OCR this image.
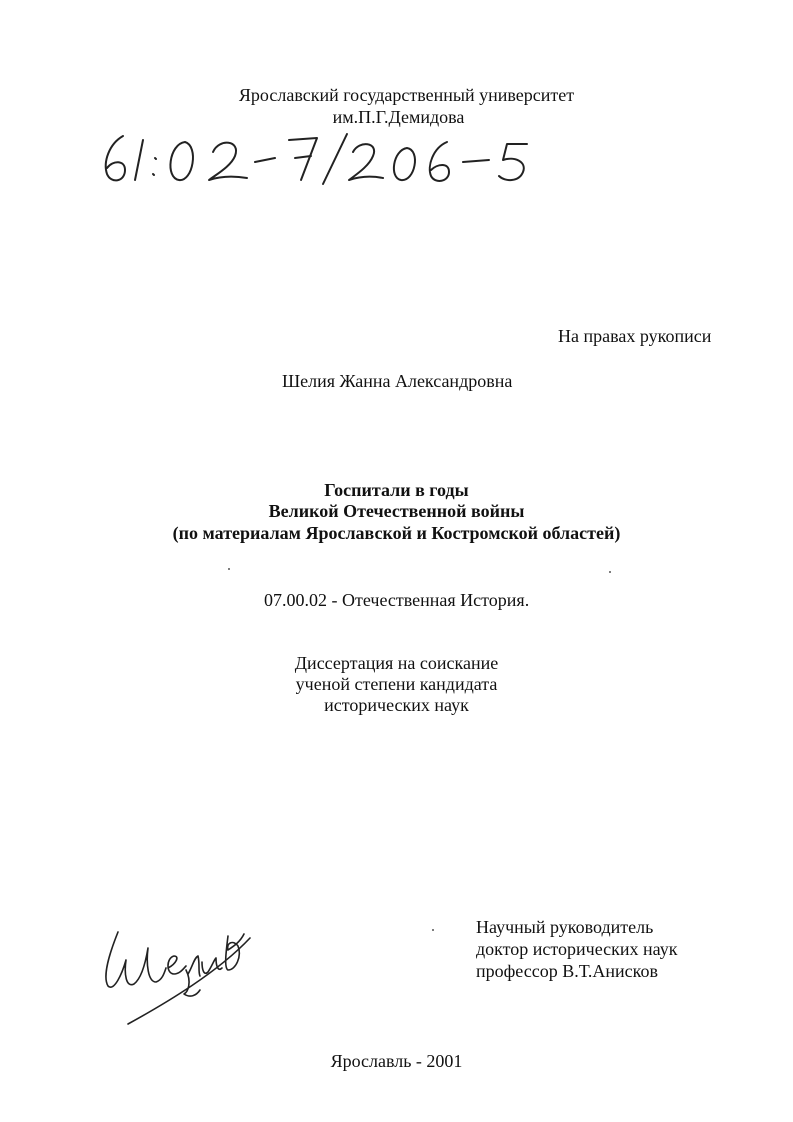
Ярославский государственный университет
им.П.Г.Демидова
На правах рукописи
Шелия Жанна Александровна
Госпитали в годы
Великой Отечественной войны
(по материалам Ярославской и Костромской областей)
07.00.02 - Отечественная История.
Диссертация на соискание
ученой степени кандидата
исторических наук
Научный руководитель
доктор исторических наук
профессор В.Т.Анисков
Ярославль - 2001
